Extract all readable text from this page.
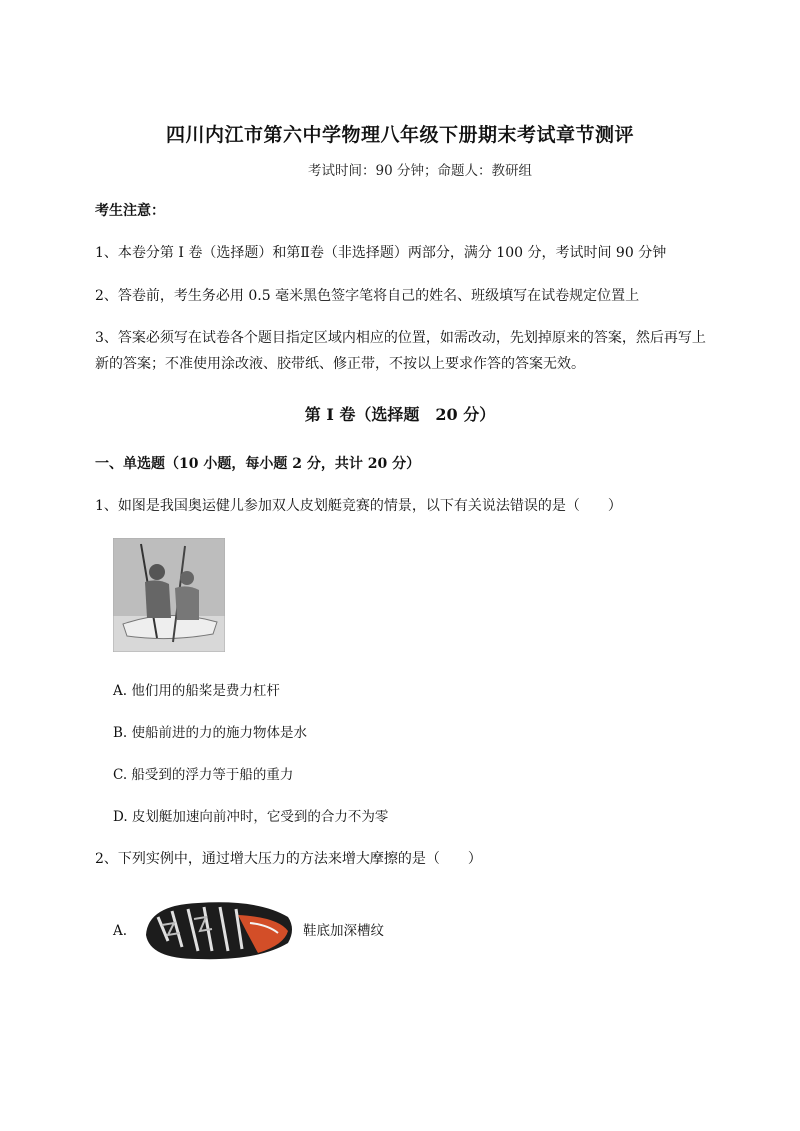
四川内江市第六中学物理八年级下册期末考试章节测评
考试时间：90 分钟；命题人：教研组
考生注意：
1、本卷分第 I 卷（选择题）和第Ⅱ卷（非选择题）两部分，满分 100 分，考试时间 90 分钟
2、答卷前，考生务必用 0.5 毫米黑色签字笔将自己的姓名、班级填写在试卷规定位置上
3、答案必须写在试卷各个题目指定区域内相应的位置，如需改动，先划掉原来的答案，然后再写上新的答案；不准使用涂改液、胶带纸、修正带，不按以上要求作答的答案无效。
第 I 卷（选择题　20 分）
一、单选题（10 小题，每小题 2 分，共计 20 分）
1、如图是我国奥运健儿参加双人皮划艇竞赛的情景，以下有关说法错误的是（　　）
A. 他们用的船桨是费力杠杆
B. 使船前进的力的施力物体是水
C. 船受到的浮力等于船的重力
D. 皮划艇加速向前冲时，它受到的合力不为零
2、下列实例中，通过增大压力的方法来增大摩擦的是（　　）
A.	鞋底加深槽纹
